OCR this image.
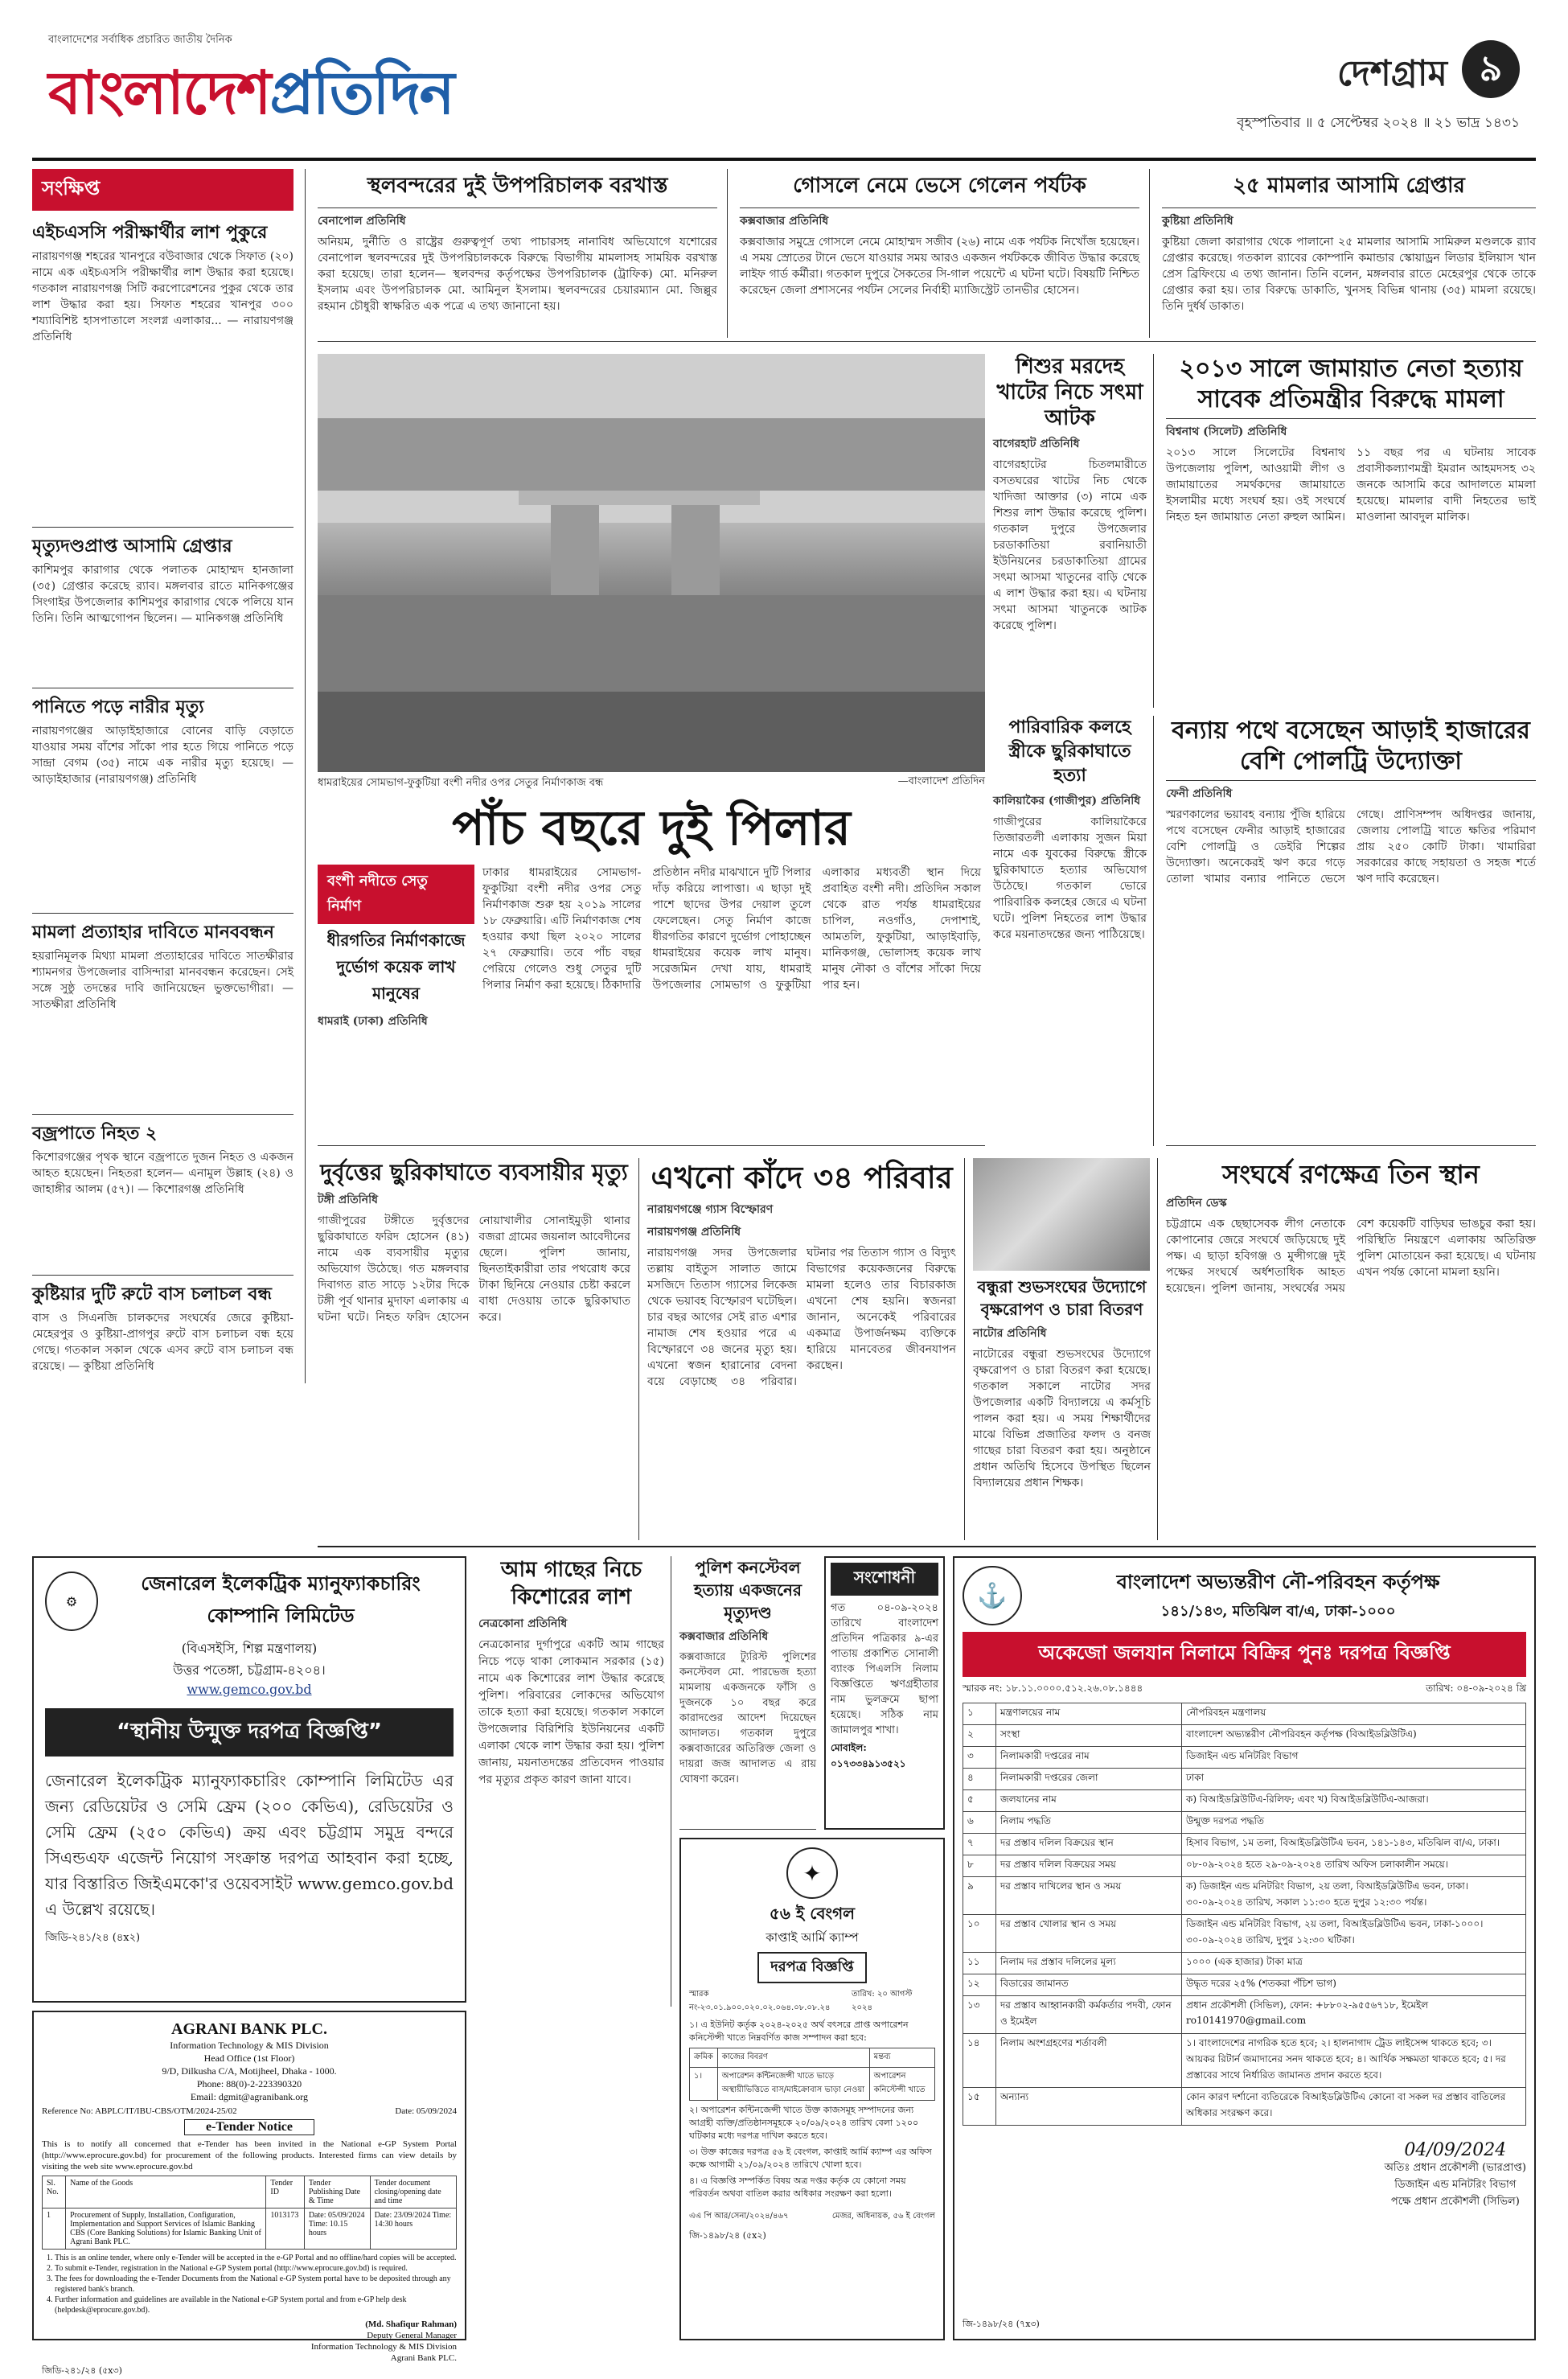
বাংলাদেশের সর্বাধিক প্রচারিত জাতীয় দৈনিক
বাংলাদেশপ্রতিদিন	দেশগ্রাম ৯
বৃহস্পতিবার ॥ ৫ সেপ্টেম্বর ২০২৪ ॥ ২১ ভাদ্র ১৪৩১
সংক্ষিপ্ত
এইচএসসি পরীক্ষার্থীর লাশ পুকুরে
নারায়ণগঞ্জ শহরের খানপুরে বউবাজার থেকে সিফাত (২০) নামে এক এইচএসসি পরীক্ষার্থীর লাশ উদ্ধার করা হয়েছে। গতকাল নারায়ণগঞ্জ সিটি করপোরেশনের পুকুর থেকে তার লাশ উদ্ধার করা হয়। সিফাত শহরের খানপুর ৩০০ শয্যাবিশিষ্ট হাসপাতালে সংলগ্ন এলাকার... — নারায়ণগঞ্জ প্রতিনিধি
মৃত্যুদণ্ডপ্রাপ্ত আসামি গ্রেপ্তার
কাশিমপুর কারাগার থেকে পলাতক মোহাম্মদ হানজালা (৩৫) গ্রেপ্তার করেছে র‍্যাব। মঙ্গলবার রাতে মানিকগঞ্জের সিংগাইর উপজেলার কাশিমপুর কারাগার থেকে পলিয়ে যান তিনি। তিনি আত্মগোপন ছিলেন। — মানিকগঞ্জ প্রতিনিধি
পানিতে পড়ে নারীর মৃত্যু
নারায়ণগঞ্জের আড়াইহাজারে বোনের বাড়ি বেড়াতে যাওয়ার সময় বাঁশের সাঁকো পার হতে গিয়ে পানিতে পড়ে সান্দ্রা বেগম (৩৫) নামে এক নারীর মৃত্যু হয়েছে। —আড়াইহাজার (নারায়ণগঞ্জ) প্রতিনিধি
মামলা প্রত্যাহার দাবিতে মানববন্ধন
হয়রানিমূলক মিথ্যা মামলা প্রত্যাহারের দাবিতে সাতক্ষীরার শ্যামনগর উপজেলার বাসিন্দারা মানববন্ধন করেছেন। সেই সঙ্গে সুষ্ঠু তদন্তের দাবি জানিয়েছেন ভুক্তভোগীরা। — সাতক্ষীরা প্রতিনিধি
বজ্রপাতে নিহত ২
কিশোরগঞ্জের পৃথক স্থানে বজ্রপাতে দুজন নিহত ও একজন আহত হয়েছেন। নিহতরা হলেন— এনামুল উল্লাহ (২৪) ও জাহাঙ্গীর আলম (৫৭)। — কিশোরগঞ্জ প্রতিনিধি
কুষ্টিয়ার দুটি রুটে বাস চলাচল বন্ধ
বাস ও সিএনজি চালকদের সংঘর্ষের জেরে কুষ্টিয়া-মেহেরপুর ও কুষ্টিয়া-প্রাগপুর রুটে বাস চলাচল বন্ধ হয়ে গেছে। গতকাল সকাল থেকে এসব রুটে বাস চলাচল বন্ধ রয়েছে। — কুষ্টিয়া প্রতিনিধি
স্থলবন্দরের দুই উপপরিচালক বরখাস্ত
বেনাপোল প্রতিনিধি
অনিয়ম, দুর্নীতি ও রাষ্ট্রের গুরুত্বপূর্ণ তথ্য পাচারসহ নানাবিধ অভিযোগে যশোরের বেনাপোল স্থলবন্দরের দুই উপপরিচালককে বিরুদ্ধে বিভাগীয় মামলাসহ সাময়িক বরখাস্ত করা হয়েছে। তারা হলেন— স্থলবন্দর কর্তৃপক্ষের উপপরিচালক (ট্রাফিক) মো. মনিরুল ইসলাম এবং উপপরিচালক মো. আমিনুল ইসলাম। স্থলবন্দরের চেয়ারম্যান মো. জিল্লুর রহমান চৌধুরী স্বাক্ষরিত এক পত্রে এ তথ্য জানানো হয়।
গোসলে নেমে ভেসে গেলেন পর্যটক
কক্সবাজার প্রতিনিধি
কক্সবাজার সমুদ্রে গোসলে নেমে মোহাম্মদ সজীব (২৬) নামে এক পর্যটক নিখোঁজ হয়েছেন। এ সময় স্রোতের টানে ভেসে যাওয়ার সময় আরও একজন পর্যটককে জীবিত উদ্ধার করেছে লাইফ গার্ড কর্মীরা। গতকাল দুপুরে সৈকতের সি-গাল পয়েন্টে এ ঘটনা ঘটে। বিষয়টি নিশ্চিত করেছেন জেলা প্রশাসনের পর্যটন সেলের নির্বাহী ম্যাজিস্ট্রেট তানভীর হোসেন।
২৫ মামলার আসামি গ্রেপ্তার
কুষ্টিয়া প্রতিনিধি
কুষ্টিয়া জেলা কারাগার থেকে পালানো ২৫ মামলার আসামি সামিরুল মণ্ডলকে র‍্যাব গ্রেপ্তার করেছে। গতকাল র‍্যাবের কোম্পানি কমান্ডার স্কোয়াড্রন লিডার ইলিয়াস খান প্রেস ব্রিফিংয়ে এ তথ্য জানান। তিনি বলেন, মঙ্গলবার রাতে মেহেরপুর থেকে তাকে গ্রেপ্তার করা হয়। তার বিরুদ্ধে ডাকাতি, খুনসহ বিভিন্ন থানায় (৩৫) মামলা রয়েছে। তিনি দুর্ধর্ষ ডাকাত।
ধামরাইয়ের সোমভাগ-ফুকুটিয়া বংশী নদীর ওপর সেতুর নির্মাণকাজ বন্ধ	—বাংলাদেশ প্রতিদিন
শিশুর মরদেহ খাটের নিচে সৎমা আটক
বাগেরহাট প্রতিনিধি
বাগেরহাটের চিতলমারীতে বসতঘরের খাটের নিচ থেকে খাদিজা আক্তার (৩) নামে এক শিশুর লাশ উদ্ধার করেছে পুলিশ। গতকাল দুপুরে উপজেলার চরডাকাতিয়া রবানিয়াতী ইউনিয়নের চরডাকাতিয়া গ্রামের সৎমা আসমা খাতুনের বাড়ি থেকে এ লাশ উদ্ধার করা হয়। এ ঘটনায় সৎমা আসমা খাতুনকে আটক করেছে পুলিশ।
২০১৩ সালে জামায়াত নেতা হত্যায় সাবেক প্রতিমন্ত্রীর বিরুদ্ধে মামলা
বিশ্বনাথ (সিলেট) প্রতিনিধি
২০১৩ সালে সিলেটের বিশ্বনাথ উপজেলায় পুলিশ, আওয়ামী লীগ ও জামায়াতের সমর্থকদের জামায়াতে ইসলামীর মধ্যে সংঘর্ষ হয়। ওই সংঘর্ষে নিহত হন জামায়াত নেতা রুহুল আমিন। ১১ বছর পর এ ঘটনায় সাবেক প্রবাসীকল্যাণমন্ত্রী ইমরান আহমদসহ ৩২ জনকে আসামি করে আদালতে মামলা হয়েছে। মামলার বাদী নিহতের ভাই মাওলানা আবদুল মালিক।
পাঁচ বছরে দুই পিলার
বংশী নদীতে সেতু নির্মাণ
ধীরগতির নির্মাণকাজে দুর্ভোগ কয়েক লাখ মানুষের
ধামরাই (ঢাকা) প্রতিনিধি
ঢাকার ধামরাইয়ের সোমভাগ-ফুকুটিয়া বংশী নদীর ওপর সেতু নির্মাণকাজ শুরু হয় ২০১৯ সালের ১৮ ফেব্রুয়ারি। এটি নির্মাণকাজ শেষ হওয়ার কথা ছিল ২০২০ সালের ২৭ ফেব্রুয়ারি। তবে পাঁচ বছর পেরিয়ে গেলেও শুধু সেতুর দুটি পিলার নির্মাণ করা হয়েছে। ঠিকাদারি প্রতিষ্ঠান নদীর মাঝখানে দুটি পিলার দাঁড় করিয়ে লাপাত্তা। এ ছাড়া দুই পাশে ছাদের উপর দেয়াল তুলে ফেলেছেন। সেতু নির্মাণ কাজে ধীরগতির কারণে দুর্ভোগ পোহাচ্ছেন ধামরাইয়ের কয়েক লাখ মানুষ। সরেজমিন দেখা যায়, ধামরাই উপজেলার সোমভাগ ও ফুকুটিয়া এলাকার মধ্যবর্তী স্থান দিয়ে প্রবাহিত বংশী নদী। প্রতিদিন সকাল থেকে রাত পর্যন্ত ধামরাইয়ের চাপিল, নওগাঁও, দেপাশাই, আমতলি, ফুকুটিয়া, আড়াইবাড়ি, মানিকগঞ্জ, ভোলাসহ কয়েক লাখ মানুষ নৌকা ও বাঁশের সাঁকো দিয়ে পার হন।
পারিবারিক কলহে স্ত্রীকে ছুরিকাঘাতে হত্যা
কালিয়াকৈর (গাজীপুর) প্রতিনিধি
গাজীপুরের কালিয়াকৈরে তিজারতলী এলাকায় সুজন মিয়া নামে এক যুবকের বিরুদ্ধে স্ত্রীকে ছুরিকাঘাতে হত্যার অভিযোগ উঠেছে। গতকাল ভোরে পারিবারিক কলহের জেরে এ ঘটনা ঘটে। পুলিশ নিহতের লাশ উদ্ধার করে ময়নাতদন্তের জন্য পাঠিয়েছে।
বন্যায় পথে বসেছেন আড়াই হাজারের বেশি পোলট্রি উদ্যোক্তা
ফেনী প্রতিনিধি
স্মরণকালের ভয়াবহ বন্যায় পুঁজি হারিয়ে পথে বসেছেন ফেনীর আড়াই হাজারের বেশি পোলট্রি ও ডেইরি শিল্পের উদ্যোক্তা। অনেকেরই ঋণ করে গড়ে তোলা খামার বন্যার পানিতে ভেসে গেছে। প্রাণিসম্পদ অধিদপ্তর জানায়, জেলায় পোলট্রি খাতে ক্ষতির পরিমাণ প্রায় ২৫০ কোটি টাকা। খামারিরা সরকারের কাছে সহায়তা ও সহজ শর্তে ঋণ দাবি করেছেন।
দুর্বৃত্তের ছুরিকাঘাতে ব্যবসায়ীর মৃত্যু
টঙ্গী প্রতিনিধি
গাজীপুরের টঙ্গীতে দুর্বৃত্তদের ছুরিকাঘাতে ফরিদ হোসেন (৪১) নামে এক ব্যবসায়ীর মৃত্যুর অভিযোগ উঠেছে। গত মঙ্গলবার দিবাগত রাত সাড়ে ১২টার দিকে টঙ্গী পূর্ব থানার মুদাফা এলাকায় এ ঘটনা ঘটে। নিহত ফরিদ হোসেন নোয়াখালীর সোনাইমুড়ী থানার বজরা গ্রামের জয়নাল আবেদীনের ছেলে। পুলিশ জানায়, ছিনতাইকারীরা তার পথরোধ করে টাকা ছিনিয়ে নেওয়ার চেষ্টা করলে বাধা দেওয়ায় তাকে ছুরিকাঘাত করে।
এখনো কাঁদে ৩৪ পরিবার
নারায়ণগঞ্জে গ্যাস বিস্ফোরণ
নারায়ণগঞ্জ প্রতিনিধি
নারায়ণগঞ্জ সদর উপজেলার তল্লায় বাইতুস সালাত জামে মসজিদে তিতাস গ্যাসের লিকেজ থেকে ভয়াবহ বিস্ফোরণ ঘটেছিল। চার বছর আগের সেই রাত এশার নামাজ শেষ হওয়ার পরে এ বিস্ফোরণে ৩৪ জনের মৃত্যু হয়। এখনো স্বজন হারানোর বেদনা বয়ে বেড়াচ্ছে ৩৪ পরিবার। ঘটনার পর তিতাস গ্যাস ও বিদ্যুৎ বিভাগের কয়েকজনের বিরুদ্ধে মামলা হলেও তার বিচারকাজ এখনো শেষ হয়নি। স্বজনরা জানান, অনেকেই পরিবারের একমাত্র উপার্জনক্ষম ব্যক্তিকে হারিয়ে মানবেতর জীবনযাপন করছেন।
বন্ধুরা শুভসংঘের উদ্যোগে বৃক্ষরোপণ ও চারা বিতরণ
নাটোর প্রতিনিধি
নাটোরের বন্ধুরা শুভসংঘের উদ্যোগে বৃক্ষরোপণ ও চারা বিতরণ করা হয়েছে। গতকাল সকালে নাটোর সদর উপজেলার একটি বিদ্যালয়ে এ কর্মসূচি পালন করা হয়। এ সময় শিক্ষার্থীদের মাঝে বিভিন্ন প্রজাতির ফলদ ও বনজ গাছের চারা বিতরণ করা হয়। অনুষ্ঠানে প্রধান অতিথি হিসেবে উপস্থিত ছিলেন বিদ্যালয়ের প্রধান শিক্ষক।
সংঘর্ষে রণক্ষেত্র তিন স্থান
প্রতিদিন ডেস্ক
চট্টগ্রামে এক ছেছাসেবক লীগ নেতাকে কোপানোর জেরে সংঘর্ষে জড়িয়েছে দুই পক্ষ। এ ছাড়া হবিগঞ্জ ও মুন্সীগঞ্জে দুই পক্ষের সংঘর্ষে অর্ধশতাধিক আহত হয়েছেন। পুলিশ জানায়, সংঘর্ষের সময় বেশ কয়েকটি বাড়িঘর ভাঙচুর করা হয়। পরিস্থিতি নিয়ন্ত্রণে এলাকায় অতিরিক্ত পুলিশ মোতায়েন করা হয়েছে। এ ঘটনায় এখন পর্যন্ত কোনো মামলা হয়নি।
⚙
জেনারেল ইলেকট্রিক ম্যানুফ্যাকচারিং কোম্পানি লিমিটেড
(বিএসইসি, শিল্প মন্ত্রণালয়)
উত্তর পতেঙ্গা, চট্টগ্রাম-৪২০৪।
www.gemco.gov.bd
“স্থানীয় উন্মুক্ত দরপত্র বিজ্ঞপ্তি”
জেনারেল ইলেকট্রিক ম্যানুফ্যাকচারিং কোম্পানি লিমিটেড এর জন্য রেডিয়েটর ও সেমি ফ্রেম (২০০ কেভিএ), রেডিয়েটর ও সেমি ফ্রেম (২৫০ কেভিএ) ক্রয় এবং চট্টগ্রাম সমুদ্র বন্দরে সিএন্ডএফ এজেন্ট নিয়োগ সংক্রান্ত দরপত্র আহবান করা হচ্ছে, যার বিস্তারিত জিইএমকো'র ওয়েবসাইট www.gemco.gov.bd এ উল্লেখ রয়েছে।
জিডি-২৪১/২৪ (৪x২)
AGRANI BANK PLC.
Information Technology & MIS Division
Head Office (1st Floor)
9/D, Dilkusha C/A, Motijheel, Dhaka - 1000.
Phone: 88(0)-2-223390320
Email: dgmit@agranibank.org
Reference No: ABPLC/IT/IBU-CBS/OTM/2024-25/02	Date: 05/09/2024
e-Tender Notice
This is to notify all concerned that e-Tender has been invited in the National e-GP System Portal (http://www.eprocure.gov.bd) for procurement of the following products. Interested firms can view details by visiting the web site www.eprocure.gov.bd
Sl. No.	Name of the Goods	Tender ID	Tender Publishing Date & Time	Tender document closing/opening date and time
1	Procurement of Supply, Installation, Configuration, Implementation and Support Services of Islamic Banking CBS (Core Banking Solutions) for Islamic Banking Unit of Agrani Bank PLC.	1013173	Date: 05/09/2024 Time: 10.15 hours	Date: 23/09/2024 Time: 14:30 hours
1. This is an online tender, where only e-Tender will be accepted in the e-GP Portal and no offline/hard copies will be accepted.
2. To submit e-Tender, registration in the National e-GP System portal (http://www.eprocure.gov.bd) is required.
3. The fees for downloading the e-Tender Documents from the National e-GP System portal have to be deposited through any registered bank's branch.
4. Further information and guidelines are available in the National e-GP System portal and from e-GP help desk (helpdesk@eprocure.gov.bd).
(Md. Shafiqur Rahman)
Deputy General Manager
Information Technology & MIS Division
Agrani Bank PLC.
জিডি-২৪১/২৪ (৫x৩)
আম গাছের নিচে কিশোরের লাশ
নেত্রকোনা প্রতিনিধি
নেত্রকোনার দুর্গাপুরে একটি আম গাছের নিচে পড়ে থাকা লোকমান সরকার (১৫) নামে এক কিশোরের লাশ উদ্ধার করেছে পুলিশ। পরিবারের লোকদের অভিযোগ তাকে হত্যা করা হয়েছে। গতকাল সকালে উপজেলার বিরিশিরি ইউনিয়নের একটি এলাকা থেকে লাশ উদ্ধার করা হয়। পুলিশ জানায়, ময়নাতদন্তের প্রতিবেদন পাওয়ার পর মৃত্যুর প্রকৃত কারণ জানা যাবে।
পুলিশ কনস্টেবল হত্যায় একজনের মৃত্যুদণ্ড
কক্সবাজার প্রতিনিধি
কক্সবাজারে ট্যুরিস্ট পুলিশের কনস্টেবল মো. পারভেজ হত্যা মামলায় একজনকে ফাঁসি ও দুজনকে ১০ বছর করে কারাদণ্ডের আদেশ দিয়েছেন আদালত। গতকাল দুপুরে কক্সবাজারের অতিরিক্ত জেলা ও দায়রা জজ আদালত এ রায় ঘোষণা করেন।
সংশোধনী
গত ০৪-০৯-২০২৪ তারিখে বাংলাদেশ প্রতিদিন পত্রিকার ৯-এর পাতায় প্রকাশিত সোনালী ব্যাংক পিএলসি নিলাম বিজ্ঞপ্তিতে ঋণগ্রহীতার নাম ভুলক্রমে ছাপা হয়েছে। সঠিক নাম জামালপুর শাখা।
মোবাইল: ০১৭৩৩৪৯১৩৫২১
✦
৫৬ ই বেংগল
কাপ্তাই আর্মি ক্যাম্প
দরপত্র বিজ্ঞপ্তি
স্মারক নং-২৩.০১.৯০০.০২০.০২.০৬৪.০৮.০৮.২৪
তারিখ: ২০ আগস্ট ২০২৪
১। এ ইউনিট কর্তৃক ২০২৪-২০২৫ অর্থ বৎসরে প্রাপ্ত অপারেশন কনিস্টেন্সী খাতে নিম্নবর্ণিত কাজ সম্পাদন করা হবে:
ক্রমিক	কাজের বিবরণ	মন্তব্য
১।	অপারেশন কন্টিনজেন্সী খাতে ভাড়ে অস্থায়ীভিত্তিতে বাস/মাইক্রোবাস ভাড়া নেওয়া	অপারেশন কনিস্টেন্সী খাতে
২। অপারেশন কন্টিনজেন্সী খাতে উক্ত কাজসমূহ সম্পাদনের জন্য আগ্রহী ব্যক্তি/প্রতিষ্ঠানসমূহকে ২০/০৯/২০২৪ তারিখ বেলা ১২০০ ঘটিকার মধ্যে দরপত্র দাখিল করতে হবে।
৩। উক্ত কাজের দরপত্র ৫৬ ই বেংগল, কাপ্তাই আর্মি ক্যাম্প এর অফিস কক্ষে আগামী ২১/০৯/২০২৪ তারিখে খোলা হবে।
৪। এ বিজ্ঞপ্তি সম্পর্কিত বিষয় অত্র দপ্তর কর্তৃক যে কোনো সময় পরিবর্তন অথবা বাতিল করার অধিকার সংরক্ষণ করা হলো।
এএ পি আর/সেনা/২০২৪/৪৬৭	মেজর, অধিনায়ক, ৫৬ ই বেংগল
জি-১৪৯৮/২৪ (৫x২)
⚓	বাংলাদেশ অভ্যন্তরীণ নৌ-পরিবহন কর্তৃপক্ষ
১৪১/১৪৩, মতিঝিল বা/এ, ঢাকা-১০০০
অকেজো জলযান নিলামে বিক্রির পুনঃ দরপত্র বিজ্ঞপ্তি
স্মারক নং: ১৮.১১.০০০০.৫১২.২৬.০৮.১৪৪৪	তারিখ: ০৪-০৯-২০২৪ খ্রি
১	মন্ত্রণালয়ের নাম	নৌপরিবহন মন্ত্রণালয়
২	সংস্থা	বাংলাদেশ অভ্যন্তরীণ নৌপরিবহন কর্তৃপক্ষ (বিআইডব্লিউটিএ)
৩	নিলামকারী দপ্তরের নাম	ডিজাইন এন্ড মনিটরিং বিভাগ
৪	নিলামকারী দপ্তরের জেলা	ঢাকা
৫	জলযানের নাম	ক) বিআইডব্লিউটিএ-রিলিফ; এবং খ) বিআইডব্লিউটিএ-আজরা।
৬	নিলাম পদ্ধতি	উন্মুক্ত দরপত্র পদ্ধতি
৭	দর প্রস্তাব দলিল বিক্রয়ের স্থান	হিসাব বিভাগ, ১ম তলা, বিআইডব্লিউটিএ ভবন, ১৪১-১৪৩, মতিঝিল বা/এ, ঢাকা।
৮	দর প্রস্তাব দলিল বিক্রয়ের সময়	০৮-০৯-২০২৪ হতে ২৯-০৯-২০২৪ তারিখ অফিস চলাকালীন সময়ে।
৯	দর প্রস্তাব দাখিলের স্থান ও সময়	ক) ডিজাইন এন্ড মনিটরিং বিভাগ, ২য় তলা, বিআইডব্লিউটিএ ভবন, ঢাকা। ৩০-০৯-২০২৪ তারিখ, সকাল ১১:৩০ হতে দুপুর ১২:৩০ পর্যন্ত।
১০	দর প্রস্তাব খোলার স্থান ও সময়	ডিজাইন এন্ড মনিটরিং বিভাগ, ২য় তলা, বিআইডব্লিউটিএ ভবন, ঢাকা-১০০০। ৩০-০৯-২০২৪ তারিখ, দুপুর ১২:৩০ ঘটিকা।
১১	নিলাম দর প্রস্তাব দলিলের মূল্য	১০০০ (এক হাজার) টাকা মাত্র
১২	বিডারের জামানত	উদ্ধৃত দরের ২৫% (শতকরা পঁচিশ ভাগ)
১৩	দর প্রস্তাব আহ্বানকারী কর্মকর্তার পদবী, ফোন ও ইমেইল	প্রধান প্রকৌশলী (সিভিল), ফোন: +৮৮০২-৯৫৫৬৭১৮, ইমেইল ro10141970@gmail.com
১৪	নিলাম অংশগ্রহণের শর্তাবলী	১। বাংলাদেশের নাগরিক হতে হবে; ২। হালনাগাদ ট্রেড লাইসেন্স থাকতে হবে; ৩। আয়কর রিটার্ন জমাদানের সনদ থাকতে হবে; ৪। আর্থিক সক্ষমতা থাকতে হবে; ৫। দর প্রস্তাবের সাথে নির্ধারিত জামানত প্রদান করতে হবে।
১৫	অন্যান্য	কোন কারণ দর্শানো ব্যতিরেকে বিআইডব্লিউটিএ কোনো বা সকল দর প্রস্তাব বাতিলের অধিকার সংরক্ষণ করে।
04/09/2024
অতিঃ প্রধান প্রকৌশলী (ভারপ্রাপ্ত)
ডিজাইন এন্ড মনিটরিং বিভাগ
পক্ষে প্রধান প্রকৌশলী (সিভিল)
জি-১৪৯৮/২৪ (৭x৩)
